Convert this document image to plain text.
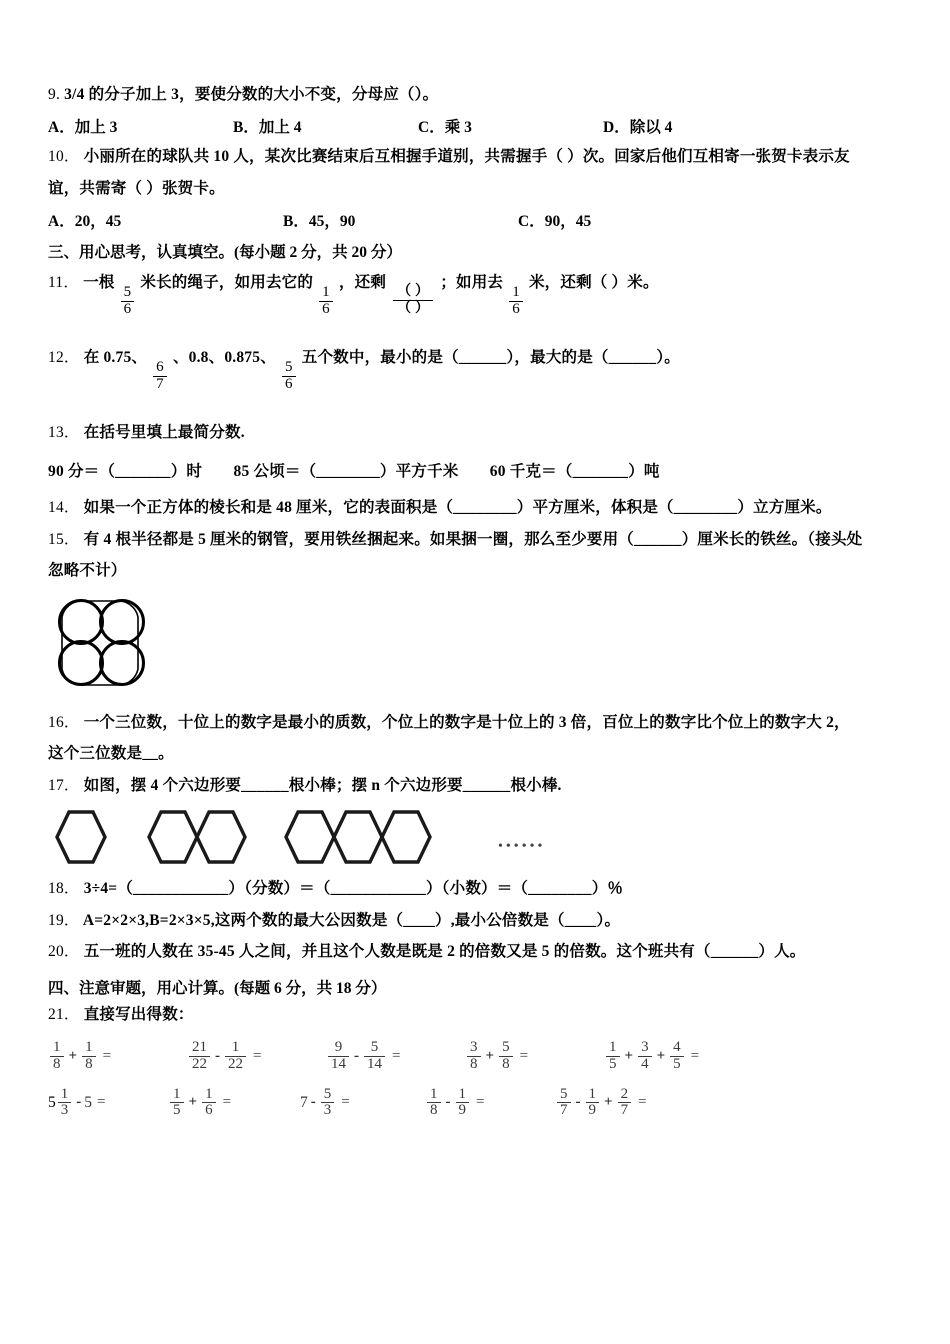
9. 3/4 的分子加上 3，要使分数的大小不变，分母应（）。

A．加上 3	B．加上 4	C．乘 3	D．除以 4

10． 小丽所在的球队共 10 人，某次比赛结束后互相握手道别，共需握手（ ）次。回家后他们互相寄一张贺卡表示友

谊，共需寄（ ）张贺卡。

A．20，45	B．45，90	C．90，45

三、用心思考，认真填空。(每小题 2 分，共 20 分）

11． 一根
$\frac{5}{6}$
米长的绳子，如用去它的
$\frac{1}{6}$
，还剩
（ ）
（ ）
；如用去
$\frac{1}{6}$
米，还剩（ ）米。

12． 在 0.75、
$\frac{6}{7}$
、0.8、0.875、
$\frac{5}{6}$
五个数中，最小的是（______），最大的是（______）。

13． 在括号里填上最简分数.

90 分＝（_______）时　　85 公顷＝（________）平方千米　　60 千克＝（_______）吨

14． 如果一个正方体的棱长和是 48 厘米，它的表面积是（________）平方厘米，体积是（________）立方厘米。

15． 有 4 根半径都是 5 厘米的钢管，要用铁丝捆起来。如果捆一圈，那么至少要用（______）厘米长的铁丝。（接头处

忽略不计）

16． 一个三位数，十位上的数字是最小的质数，个位上的数字是十位上的 3 倍，百位上的数字比个位上的数字大 2，

这个三位数是__。

17． 如图，摆 4 个六边形要______根小棒；摆 n 个六边形要______根小棒.

••••••

18． 3÷4=（____________）（分数）＝（____________）（小数）＝（________）％

19． A=2×2×3,B=2×3×5,这两个数的最大公因数是（____）,最小公倍数是（____）。

20． 五一班的人数在 35-45 人之间，并且这个人数是既是 2 的倍数又是 5 的倍数。这个班共有（______）人。

四、注意审题，用心计算。(每题 6 分，共 18 分）

21． 直接写出得数：

$\frac{1}{8} + \frac{1}{8}$ =	$\frac{21}{22} - \frac{1}{22}$ =	$\frac{9}{14} - \frac{5}{14}$ =	$\frac{3}{8} + \frac{5}{8}$ =	$\frac{1}{5} + \frac{3}{4} + \frac{4}{5}$ =
$5 \frac{1}{3} - 5$ =	$\frac{1}{5} + \frac{1}{6}$ =	$7 - \frac{5}{3}$ =	$\frac{1}{8} - \frac{1}{9}$ =	$\frac{5}{7} - \frac{1}{9} + \frac{2}{7}$ =
